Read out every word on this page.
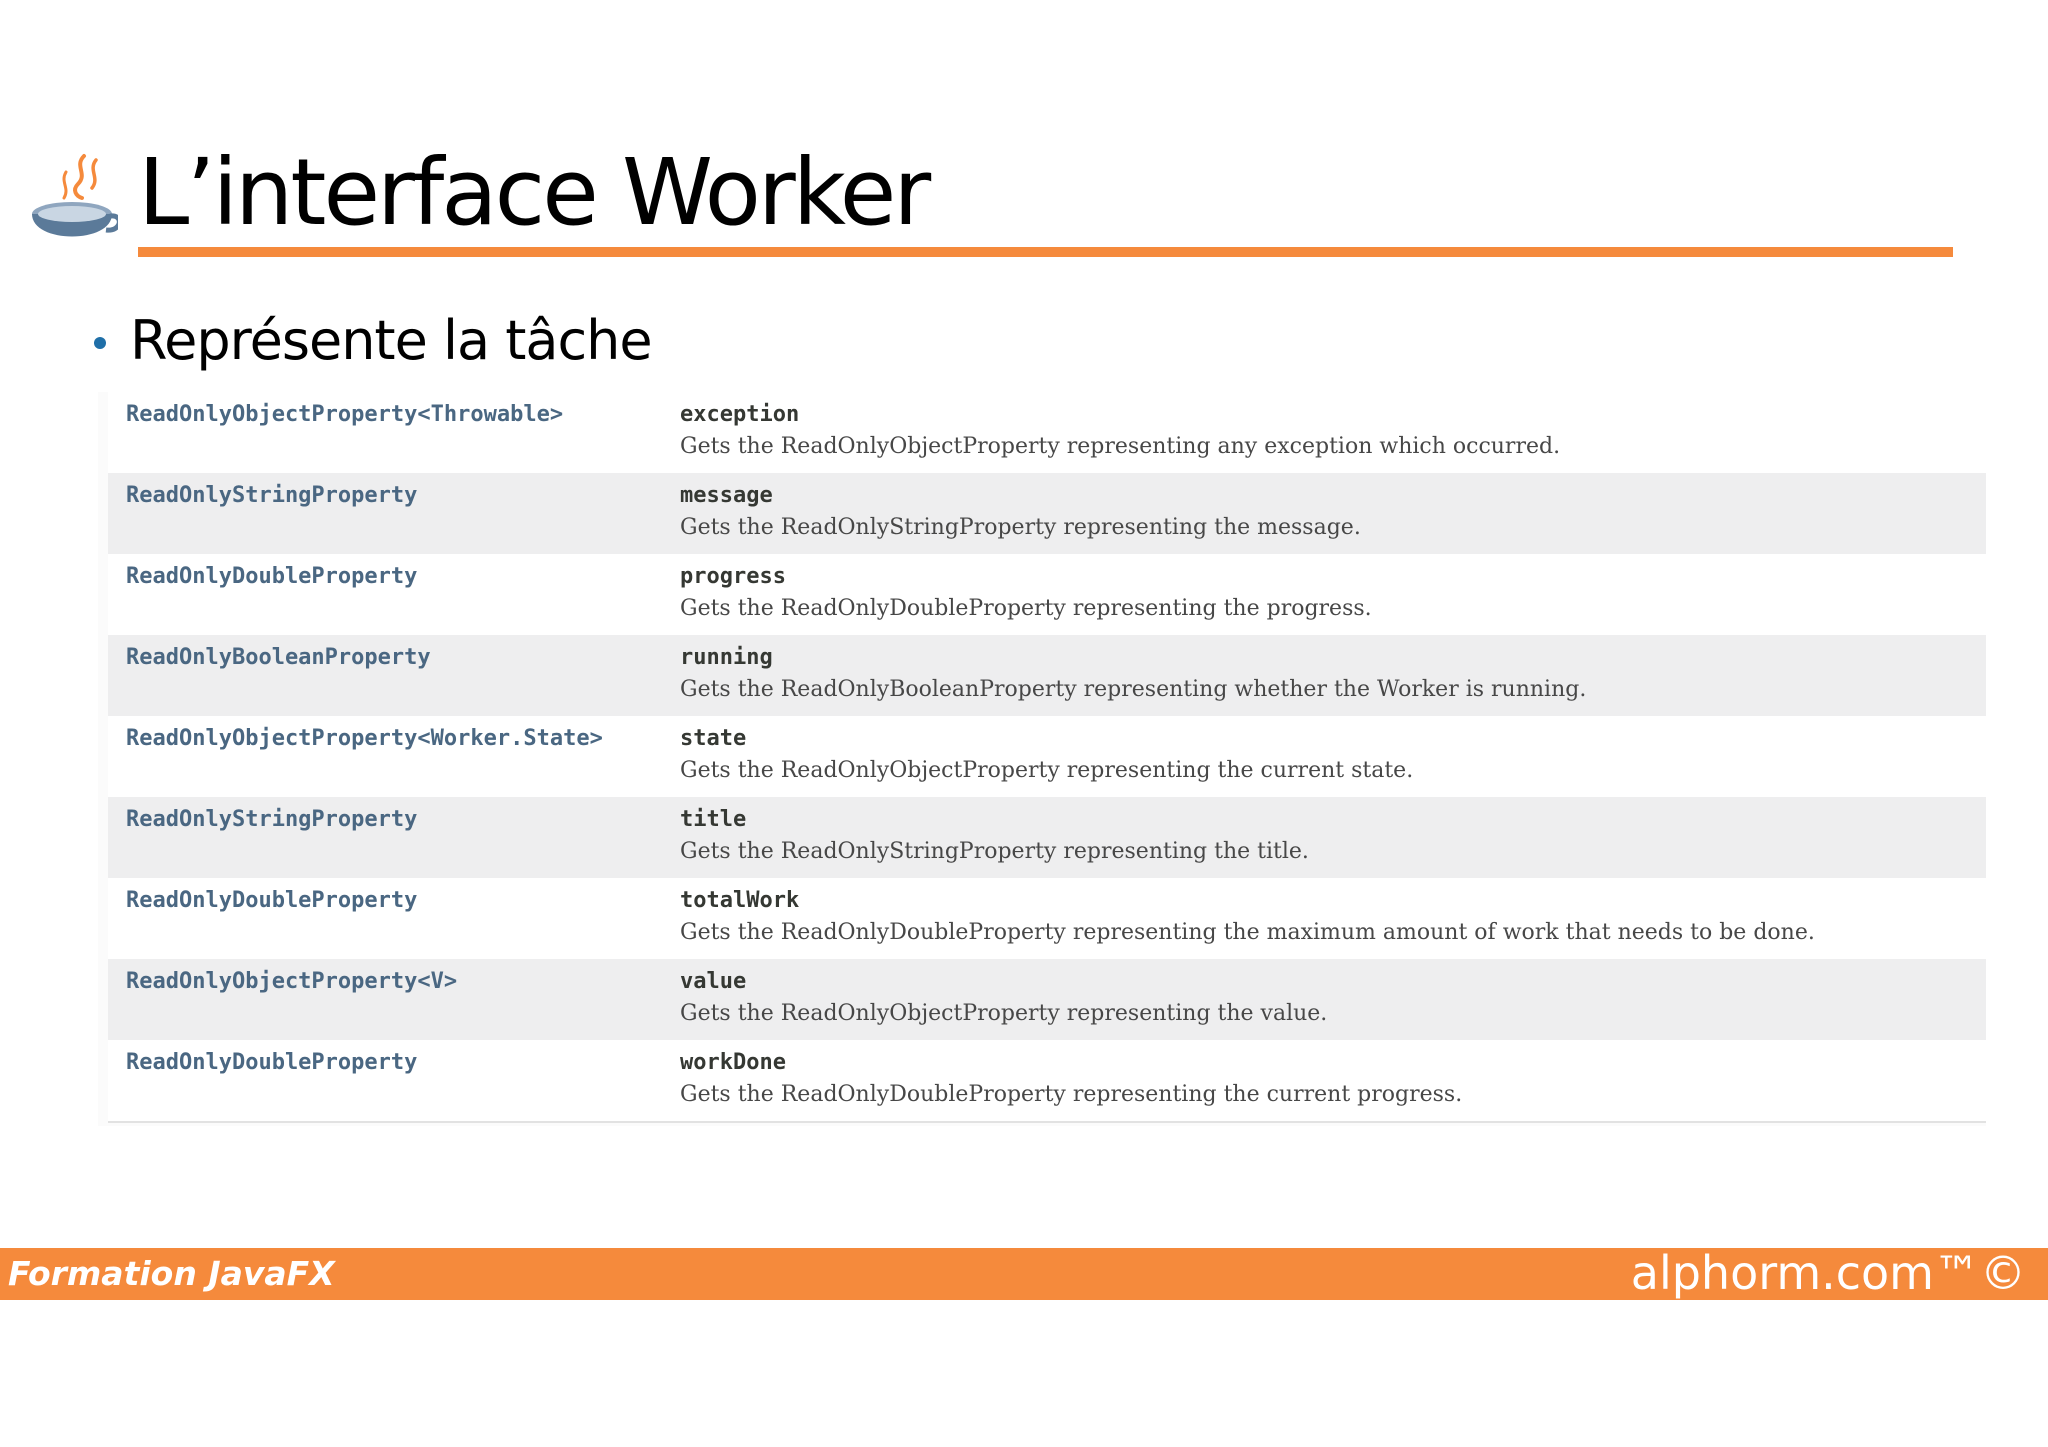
L’interface Worker
Représente la tâche
ReadOnlyObjectProperty<Throwable>	exception
Gets the ReadOnlyObjectProperty representing any exception which occurred.
ReadOnlyStringProperty	message
Gets the ReadOnlyStringProperty representing the message.
ReadOnlyDoubleProperty	progress
Gets the ReadOnlyDoubleProperty representing the progress.
ReadOnlyBooleanProperty	running
Gets the ReadOnlyBooleanProperty representing whether the Worker is running.
ReadOnlyObjectProperty<Worker.State>	state
Gets the ReadOnlyObjectProperty representing the current state.
ReadOnlyStringProperty	title
Gets the ReadOnlyStringProperty representing the title.
ReadOnlyDoubleProperty	totalWork
Gets the ReadOnlyDoubleProperty representing the maximum amount of work that needs to be done.
ReadOnlyObjectProperty<V>	value
Gets the ReadOnlyObjectProperty representing the value.
ReadOnlyDoubleProperty	workDone
Gets the ReadOnlyDoubleProperty representing the current progress.
Formation JavaFX	alphorm.com™©
